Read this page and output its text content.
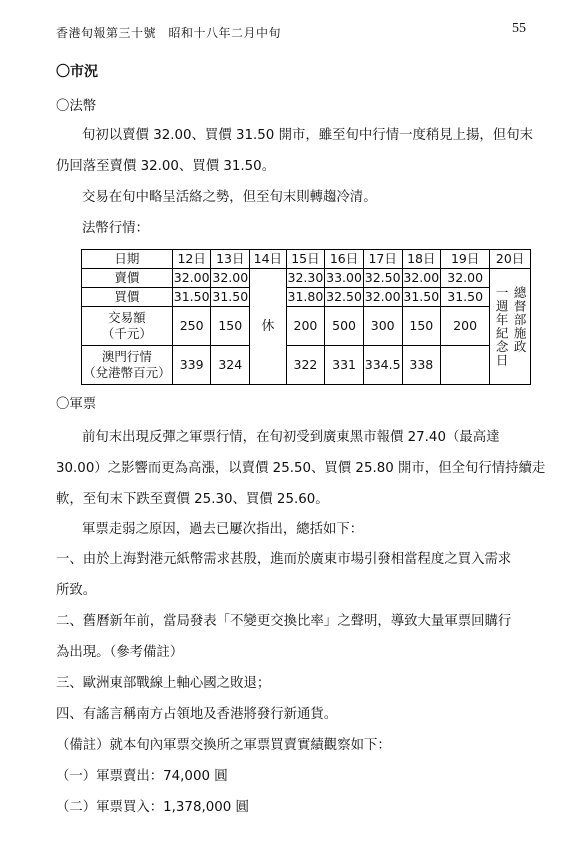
香港旬報第三十號　昭和十八年二月中旬	55
〇市況
〇法幣
旬初以賣價 32.00、買價 31.50 開市，雖至旬中行情一度稍見上揚，但旬末
仍回落至賣價 32.00、買價 31.50。
交易在旬中略呈活絡之勢，但至旬末則轉趨冷清。
法幣行情：
日期	12日	13日	14日	15日	16日	17日	18日	19日	20日
賣價	32.00	32.00	休	32.30	33.00	32.50	32.00	32.00	總督部施政
一週年紀念日

買價	31.50	31.50		31.80	32.50	32.00	31.50	31.50	

交易額
（千元）	250	150		200	500	300	150	200	

澳門行情
（兌港幣百元）	339	324		322	331	334.5	338		
〇軍票
前旬末出現反彈之軍票行情，在旬初受到廣東黑市報價 27.40（最高達
30.00）之影響而更為高漲，以賣價 25.50、買價 25.80 開市，但全旬行情持續走
軟，至旬末下跌至賣價 25.30、買價 25.60。
軍票走弱之原因，過去已屢次指出，總括如下：
一、由於上海對港元紙幣需求甚殷，進而於廣東市場引發相當程度之買入需求
所致。
二、舊曆新年前，當局發表「不變更交換比率」之聲明，導致大量軍票回購行
為出現。（參考備註）
三、歐洲東部戰線上軸心國之敗退；
四、有謠言稱南方占領地及香港將發行新通貨。
（備註）就本旬內軍票交換所之軍票買賣實績觀察如下：
（一）軍票賣出：74,000 圓
（二）軍票買入：1,378,000 圓
